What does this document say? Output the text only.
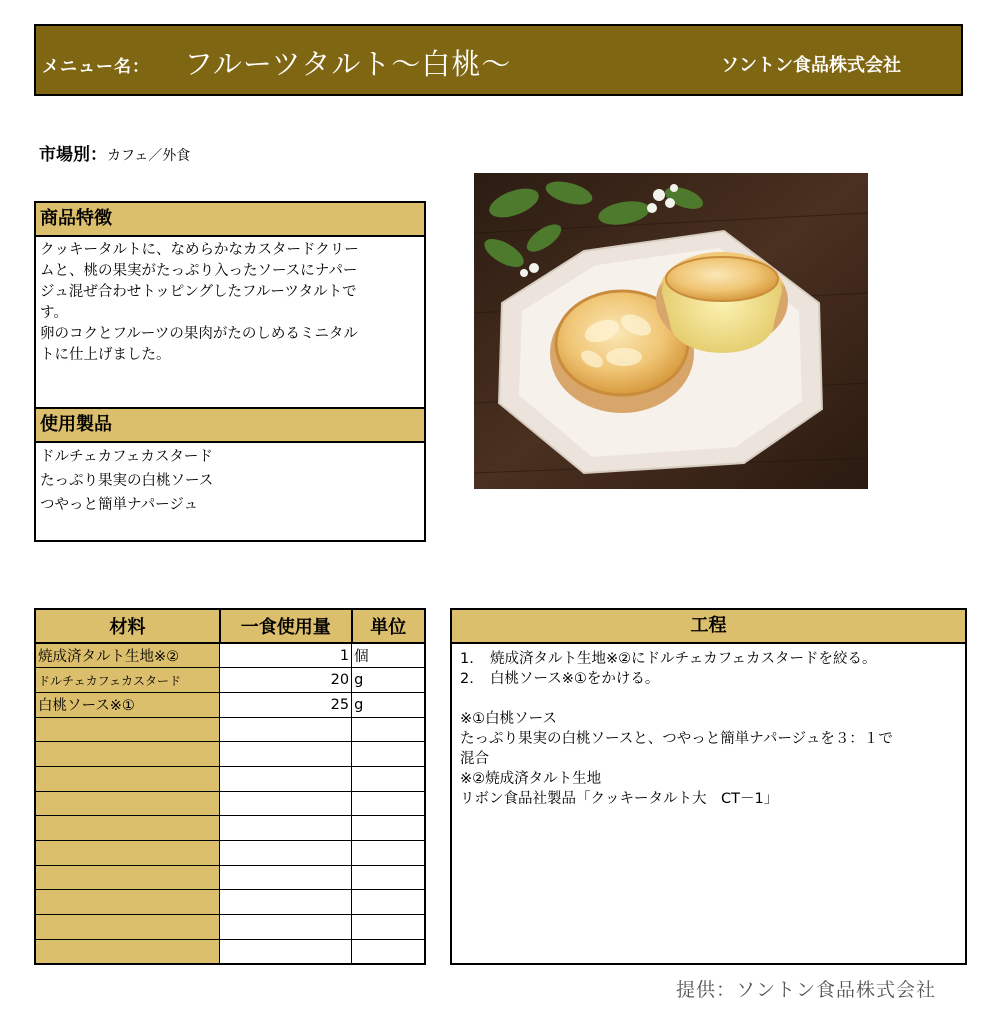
メニュー名： フルーツタルト〜白桃〜	ソントン食品株式会社
市場別：カフェ／外食
商品特徴
クッキータルトに、なめらかなカスタードクリー
ムと、桃の果実がたっぷり入ったソースにナパー
ジュ混ぜ合わせトッピングしたフルーツタルトで
す。
卵のコクとフルーツの果肉がたのしめるミニタル
トに仕上げました。
使用製品
ドルチェカフェカスタード
たっぷり果実の白桃ソース
つやっと簡単ナパージュ
材料	一食使用量	単位
焼成済タルト生地※②	1	個
ドルチェカフェカスタード	20	g
白桃ソース※①	25	g

工程
1.	焼成済タルト生地※②にドルチェカフェカスタードを絞る。
2.	白桃ソース※①をかける。
※①白桃ソース
たっぷり果実の白桃ソースと、つやっと簡単ナパージュを３：１で
混合
※②焼成済タルト生地
リボン食品社製品「クッキータルト大　CT－1」
提供：ソントン食品株式会社
